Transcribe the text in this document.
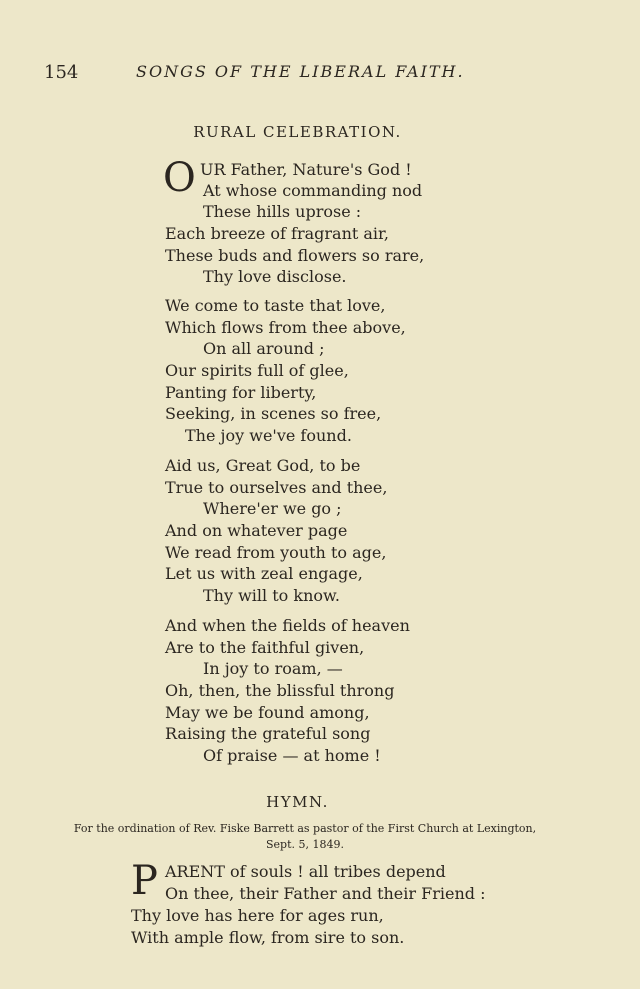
154	SONGS OF THE LIBERAL FAITH.
RURAL CELEBRATION.
O UR Father, Nature's God !
At whose commanding nod
These hills uprose :
Each breeze of fragrant air,
These buds and flowers so rare,
Thy love disclose.
We come to taste that love,
Which flows from thee above,
On all around ;
Our spirits full of glee,
Panting for liberty,
Seeking, in scenes so free,
The joy we've found.
Aid us, Great God, to be
True to ourselves and thee,
Where'er we go ;
And on whatever page
We read from youth to age,
Let us with zeal engage,
Thy will to know.
And when the fields of heaven
Are to the faithful given,
In joy to roam, —
Oh, then, the blissful throng
May we be found among,
Raising the grateful song
Of praise — at home !
HYMN.
For the ordination of Rev. Fiske Barrett as pastor of the First Church at Lexington,
Sept. 5, 1849.
P ARENT of souls ! all tribes depend
On thee, their Father and their Friend :
Thy love has here for ages run,
With ample flow, from sire to son.
